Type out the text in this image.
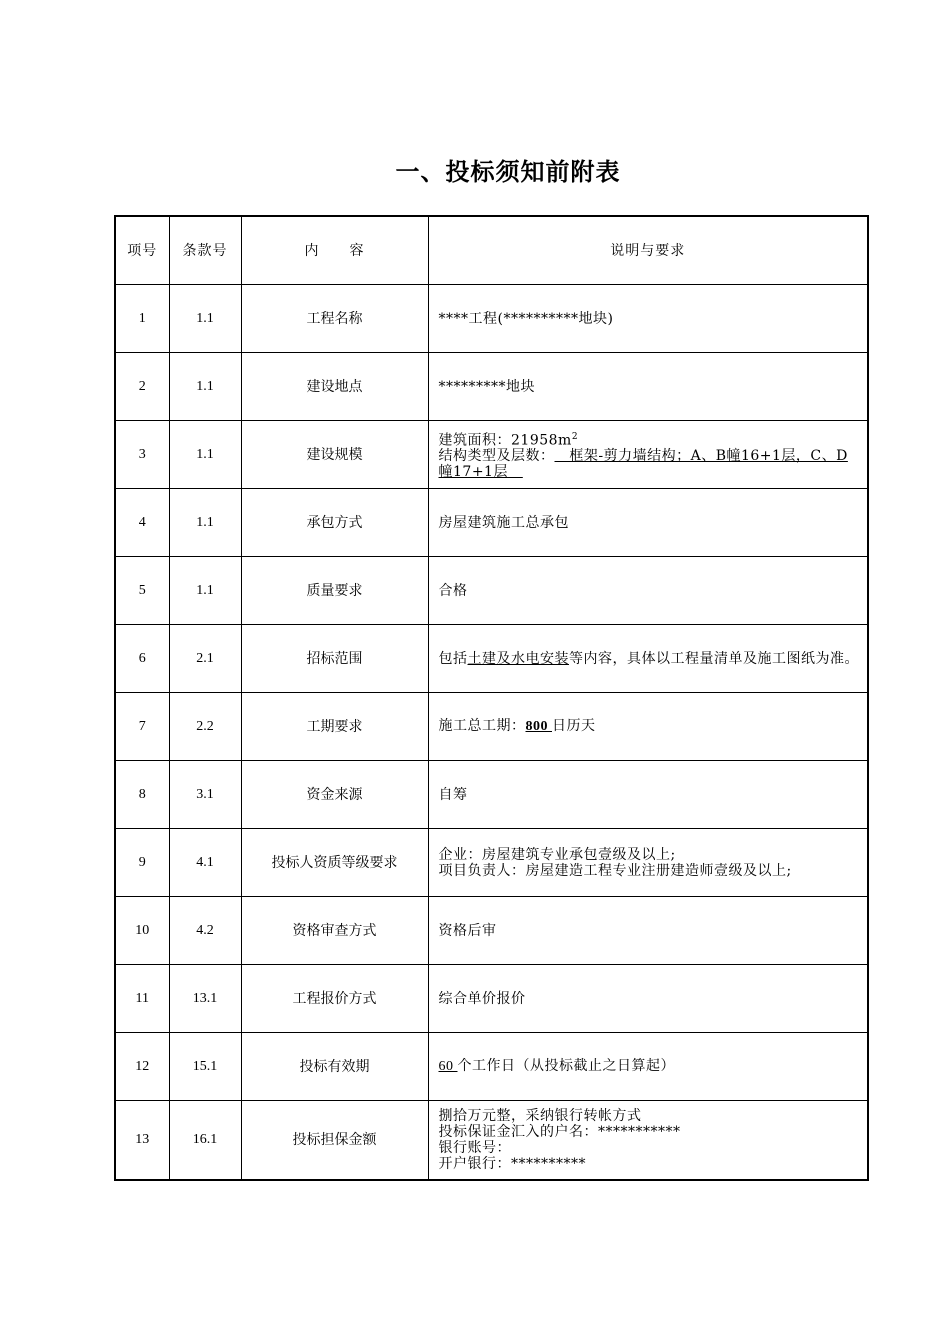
一、投标须知前附表
项号	条款号	内　　容	说明与要求
1	1.1	工程名称	****工程(**********地块)
2	1.1	建设地点	*********地块
3	1.1	建设规模	建筑面积：$21958m^2$
结构类型及层数：   框架-剪力墙结构；A、B幢16+1层，C、D幢17+1层

4	1.1	承包方式	房屋建筑施工总承包
5	1.1	质量要求	合格
6	2.1	招标范围	包括土建及水电安装等内容，具体以工程量清单及施工图纸为准。
7	2.2	工期要求	施工总工期：800 日历天
8	3.1	资金来源	自筹
9	4.1	投标人资质等级要求	企业：房屋建筑专业承包壹级及以上;
项目负责人：房屋建造工程专业注册建造师壹级及以上;

10	4.2	资格审查方式	资格后审
11	13.1	工程报价方式	综合单价报价
12	15.1	投标有效期	60 个工作日（从投标截止之日算起）
13	16.1	投标担保金额	捌拾万元整，采纳银行转帐方式
投标保证金汇入的户名：***********
银行账号：
开户银行：**********
